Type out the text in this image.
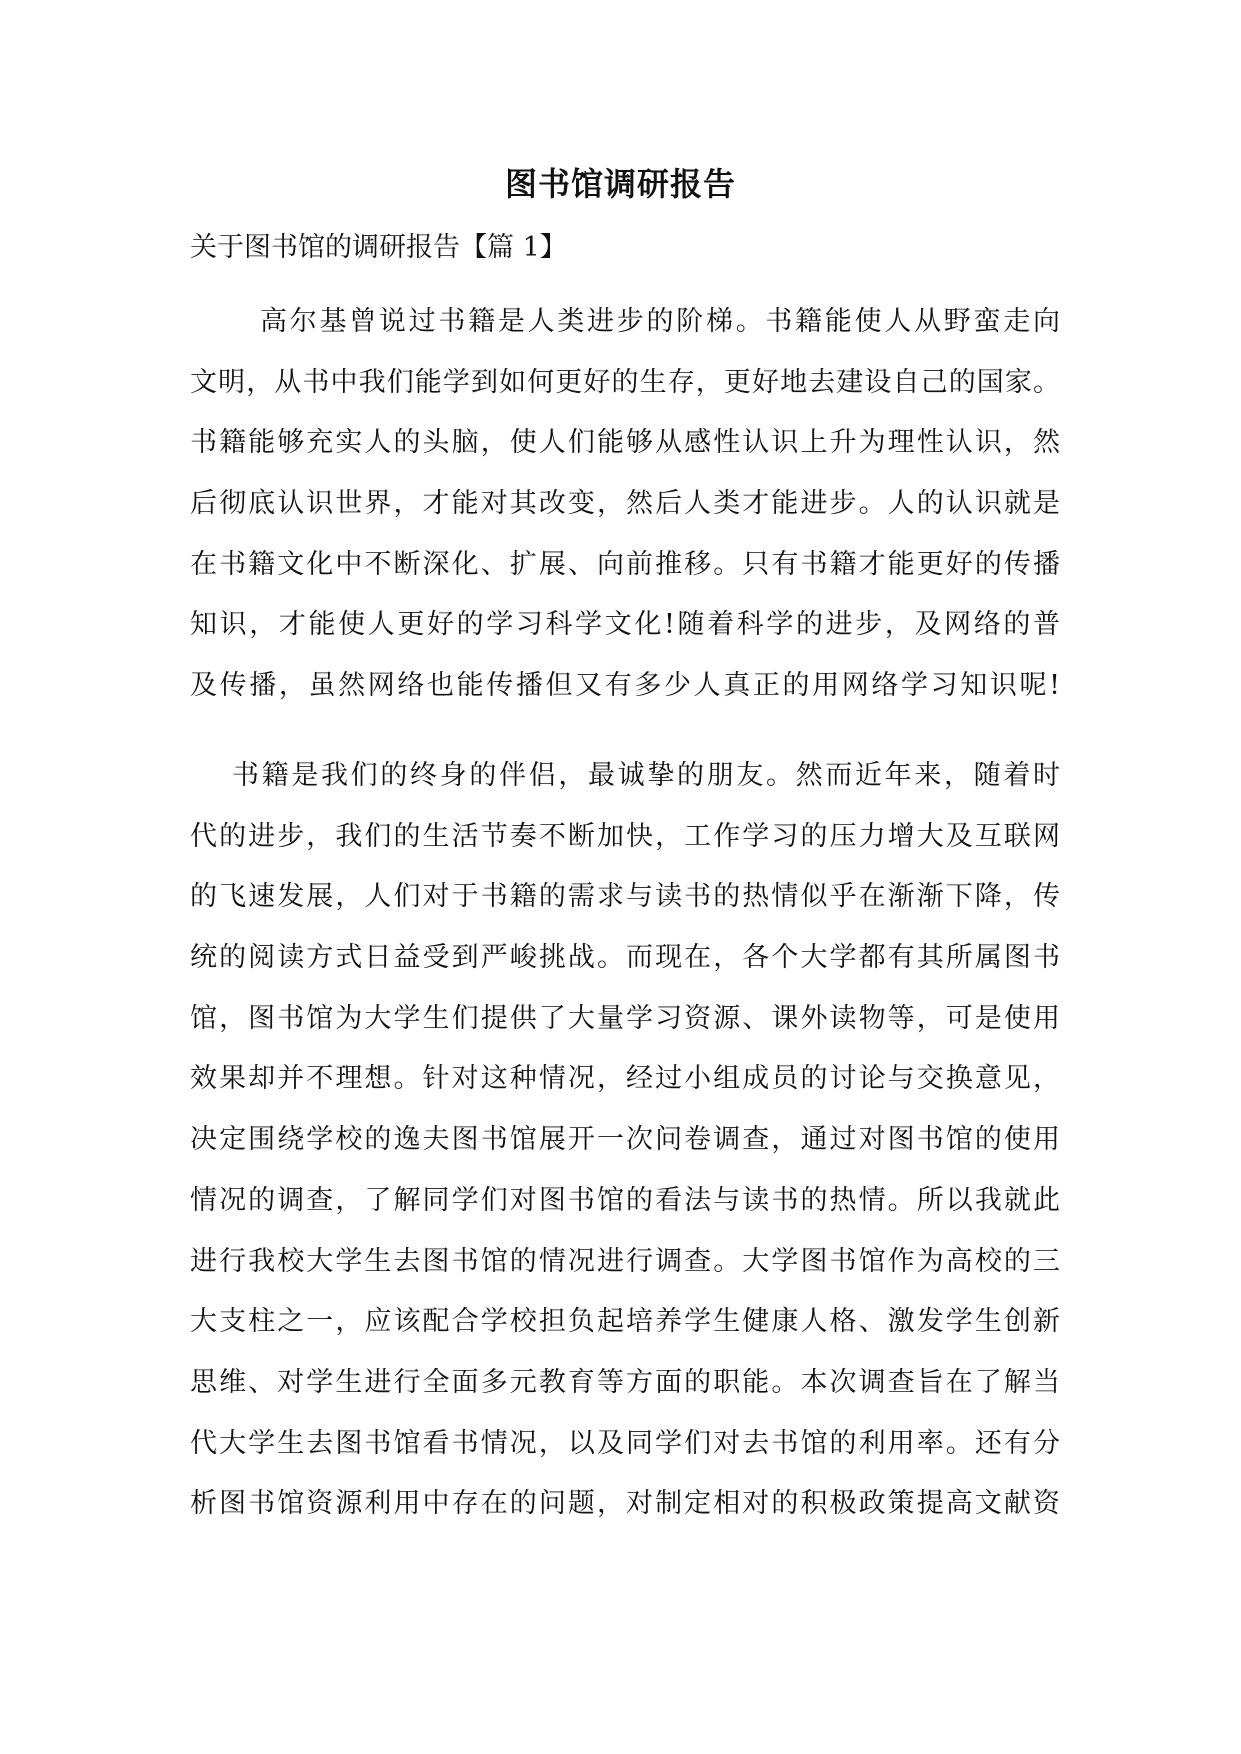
图书馆调研报告
关于图书馆的调研报告【篇 1】
高尔基曾说过书籍是人类进步的阶梯。书籍能使人从野蛮走向
文明，从书中我们能学到如何更好的生存，更好地去建设自己的国家。
书籍能够充实人的头脑，使人们能够从感性认识上升为理性认识，然
后彻底认识世界，才能对其改变，然后人类才能进步。人的认识就是
在书籍文化中不断深化、扩展、向前推移。只有书籍才能更好的传播
知识，才能使人更好的学习科学文化!随着科学的进步，及网络的普
及传播，虽然网络也能传播但又有多少人真正的用网络学习知识呢!
书籍是我们的终身的伴侣，最诚挚的朋友。然而近年来，随着时
代的进步，我们的生活节奏不断加快，工作学习的压力增大及互联网
的飞速发展，人们对于书籍的需求与读书的热情似乎在渐渐下降，传
统的阅读方式日益受到严峻挑战。而现在，各个大学都有其所属图书
馆，图书馆为大学生们提供了大量学习资源、课外读物等，可是使用
效果却并不理想。针对这种情况，经过小组成员的讨论与交换意见，
决定围绕学校的逸夫图书馆展开一次问卷调查，通过对图书馆的使用
情况的调查，了解同学们对图书馆的看法与读书的热情。所以我就此
进行我校大学生去图书馆的情况进行调查。大学图书馆作为高校的三
大支柱之一，应该配合学校担负起培养学生健康人格、激发学生创新
思维、对学生进行全面多元教育等方面的职能。本次调查旨在了解当
代大学生去图书馆看书情况，以及同学们对去书馆的利用率。还有分
析图书馆资源利用中存在的问题，对制定相对的积极政策提高文献资
